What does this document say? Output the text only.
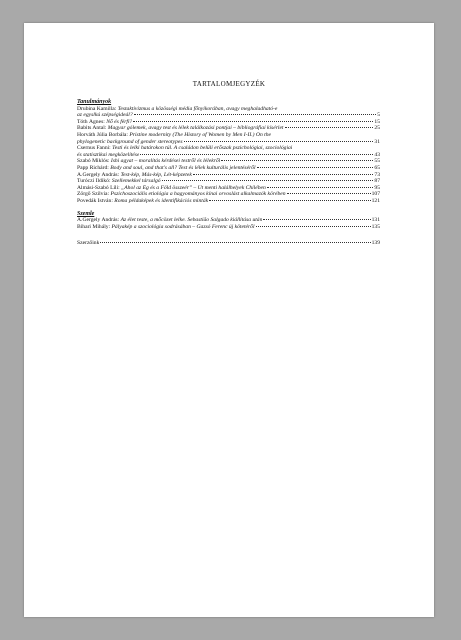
TARTALOMJEGYZÉK
Tanulmányok
Drubina Kamilla: Testaktivizmus a közösségi média főnyikorában, avagy meghaladható-e
az egyslkú szépségideál?	5
Tóth Ágnes: Nő és férfi?	15
Babits Antal: Magyar gólemek, avagy test és lélek találkozási pontjai – bibliográfiai kísérlet	25
Horváth Júlia Borbála: Pristine modernity (The History of Women by Men I-II.) On the
phylogenetic background of gender stereotypes	31
Csernus Fanni: Testi és lelki határokon túl. A családon belüli erőszak pszichológiai, szociológiai
és statisztikai megközelítése	43
Szabó Miklós: Ishi agyat – moralitás kérdései testről és lélekről	55
Papp Richárd: Body and soul, and that's all? Test és lélek kulturális jelentéséről	65
A.Gergely András: Test-kép, Más-kép, Lét-képzetek	73
Turóczi Ildikó: Szellemekkel társalgó	87
Almási-Szabó Lili: „Ahol az Ég és a Föld összeér” – Út menti halálhelyek Chilében	95
Zörgő Szilvia: Pszichoszociális etiológia a hagyományos kínai orvoslást alkalmazók körében	107
Povedák István: Roma példaképek és identifikációs minták	121
Szemle
A.Gergely András: Az élet teste, a mőcözet lelke. Sebastião Salgado kiállítása után	131
Bihari Mihály: Pályakép a szociológia sodrásában – Gazsó Ferenc új kötetéről	135
Szerzőink	139
